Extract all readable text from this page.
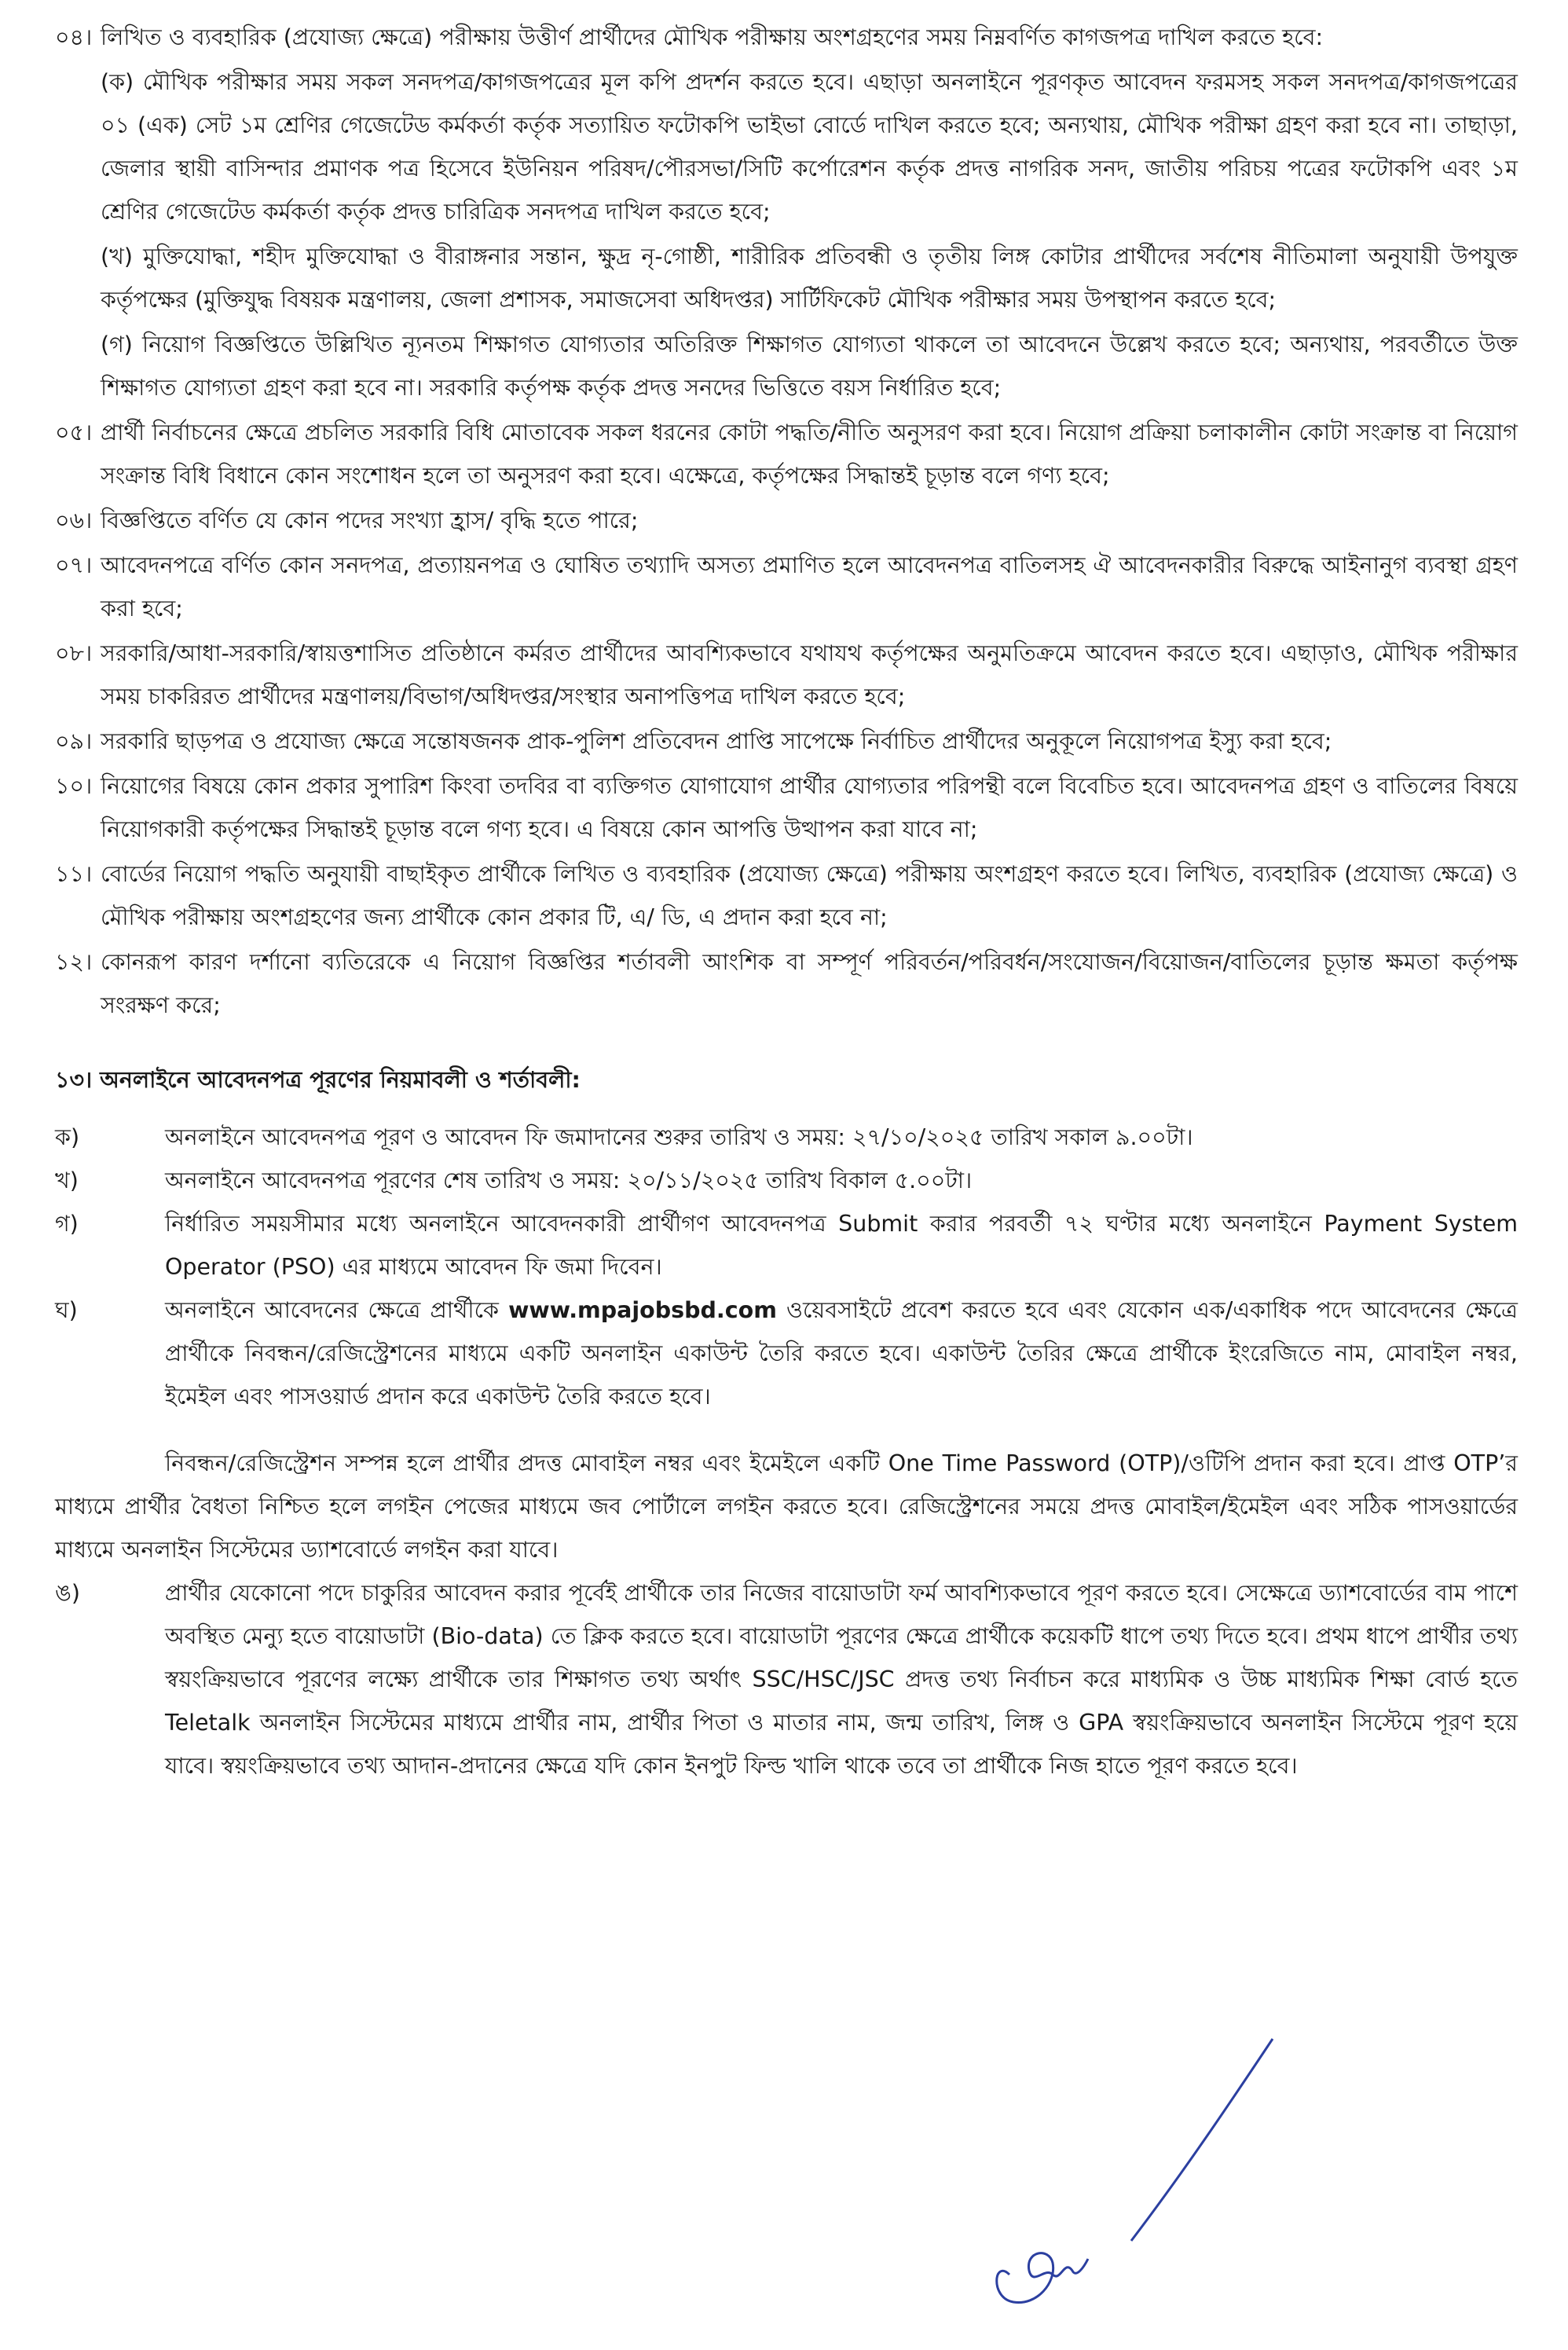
০৪। লিখিত ও ব্যবহারিক (প্রযোজ্য ক্ষেত্রে) পরীক্ষায় উত্তীর্ণ প্রার্থীদের মৌখিক পরীক্ষায় অংশগ্রহণের সময় নিম্নবর্ণিত কাগজপত্র দাখিল করতে হবে:
(ক) মৌখিক পরীক্ষার সময় সকল সনদপত্র/কাগজপত্রের মূল কপি প্রদর্শন করতে হবে। এছাড়া অনলাইনে পূরণকৃত আবেদন ফরমসহ সকল সনদপত্র/কাগজপত্রের ০১ (এক) সেট ১ম শ্রেণির গেজেটেড কর্মকর্তা কর্তৃক সত্যায়িত ফটোকপি ভাইভা বোর্ডে দাখিল করতে হবে; অন্যথায়, মৌখিক পরীক্ষা গ্রহণ করা হবে না। তাছাড়া, জেলার স্থায়ী বাসিন্দার প্রমাণক পত্র হিসেবে ইউনিয়ন পরিষদ/পৌরসভা/সিটি কর্পোরেশন কর্তৃক প্রদত্ত নাগরিক সনদ, জাতীয় পরিচয় পত্রের ফটোকপি এবং ১ম শ্রেণির গেজেটেড কর্মকর্তা কর্তৃক প্রদত্ত চারিত্রিক সনদপত্র দাখিল করতে হবে;
(খ) মুক্তিযোদ্ধা, শহীদ মুক্তিযোদ্ধা ও বীরাঙ্গনার সন্তান, ক্ষুদ্র নৃ-গোষ্ঠী, শারীরিক প্রতিবন্ধী ও তৃতীয় লিঙ্গ কোটার প্রার্থীদের সর্বশেষ নীতিমালা অনুযায়ী উপযুক্ত কর্তৃপক্ষের (মুক্তিযুদ্ধ বিষয়ক মন্ত্রণালয়, জেলা প্রশাসক, সমাজসেবা অধিদপ্তর) সার্টিফিকেট মৌখিক পরীক্ষার সময় উপস্থাপন করতে হবে;
(গ) নিয়োগ বিজ্ঞপ্তিতে উল্লিখিত ন্যূনতম শিক্ষাগত যোগ্যতার অতিরিক্ত শিক্ষাগত যোগ্যতা থাকলে তা আবেদনে উল্লেখ করতে হবে; অন্যথায়, পরবর্তীতে উক্ত শিক্ষাগত যোগ্যতা গ্রহণ করা হবে না। সরকারি কর্তৃপক্ষ কর্তৃক প্রদত্ত সনদের ভিত্তিতে বয়স নির্ধারিত হবে;
০৫। প্রার্থী নির্বাচনের ক্ষেত্রে প্রচলিত সরকারি বিধি মোতাবেক সকল ধরনের কোটা পদ্ধতি/নীতি অনুসরণ করা হবে। নিয়োগ প্রক্রিয়া চলাকালীন কোটা সংক্রান্ত বা নিয়োগ সংক্রান্ত বিধি বিধানে কোন সংশোধন হলে তা অনুসরণ করা হবে। এক্ষেত্রে, কর্তৃপক্ষের সিদ্ধান্তই চূড়ান্ত বলে গণ্য হবে;
০৬। বিজ্ঞপ্তিতে বর্ণিত যে কোন পদের সংখ্যা হ্রাস/ বৃদ্ধি হতে পারে;
০৭। আবেদনপত্রে বর্ণিত কোন সনদপত্র, প্রত্যায়নপত্র ও ঘোষিত তথ্যাদি অসত্য প্রমাণিত হলে আবেদনপত্র বাতিলসহ ঐ আবেদনকারীর বিরুদ্ধে আইনানুগ ব্যবস্থা গ্রহণ করা হবে;
০৮। সরকারি/আধা-সরকারি/স্বায়ত্তশাসিত প্রতিষ্ঠানে কর্মরত প্রার্থীদের আবশ্যিকভাবে যথাযথ কর্তৃপক্ষের অনুমতিক্রমে আবেদন করতে হবে। এছাড়াও, মৌখিক পরীক্ষার সময় চাকরিরত প্রার্থীদের মন্ত্রণালয়/বিভাগ/অধিদপ্তর/সংস্থার অনাপত্তিপত্র দাখিল করতে হবে;
০৯। সরকারি ছাড়পত্র ও প্রযোজ্য ক্ষেত্রে সন্তোষজনক প্রাক-পুলিশ প্রতিবেদন প্রাপ্তি সাপেক্ষে নির্বাচিত প্রার্থীদের অনুকূলে নিয়োগপত্র ইস্যু করা হবে;
১০। নিয়োগের বিষয়ে কোন প্রকার সুপারিশ কিংবা তদবির বা ব্যক্তিগত যোগাযোগ প্রার্থীর যোগ্যতার পরিপন্থী বলে বিবেচিত হবে। আবেদনপত্র গ্রহণ ও বাতিলের বিষয়ে নিয়োগকারী কর্তৃপক্ষের সিদ্ধান্তই চূড়ান্ত বলে গণ্য হবে। এ বিষয়ে কোন আপত্তি উত্থাপন করা যাবে না;
১১। বোর্ডের নিয়োগ পদ্ধতি অনুযায়ী বাছাইকৃত প্রার্থীকে লিখিত ও ব্যবহারিক (প্রযোজ্য ক্ষেত্রে) পরীক্ষায় অংশগ্রহণ করতে হবে। লিখিত, ব্যবহারিক (প্রযোজ্য ক্ষেত্রে) ও মৌখিক পরীক্ষায় অংশগ্রহণের জন্য প্রার্থীকে কোন প্রকার টি, এ/ ডি, এ প্রদান করা হবে না;
১২। কোনরূপ কারণ দর্শানো ব্যতিরেকে এ নিয়োগ বিজ্ঞপ্তির শর্তাবলী আংশিক বা সম্পূর্ণ পরিবর্তন/পরিবর্ধন/সংযোজন/বিয়োজন/বাতিলের চূড়ান্ত ক্ষমতা কর্তৃপক্ষ সংরক্ষণ করে;
১৩। অনলাইনে আবেদনপত্র পূরণের নিয়মাবলী ও শর্তাবলী:
ক)	অনলাইনে আবেদনপত্র পূরণ ও আবেদন ফি জমাদানের শুরুর তারিখ ও সময়: ২৭/১০/২০২৫ তারিখ সকাল ৯.০০টা।
খ)	অনলাইনে আবেদনপত্র পূরণের শেষ তারিখ ও সময়: ২০/১১/২০২৫ তারিখ বিকাল ৫.০০টা।
গ)	নির্ধারিত সময়সীমার মধ্যে অনলাইনে আবেদনকারী প্রার্থীগণ আবেদনপত্র Submit করার পরবর্তী ৭২ ঘণ্টার মধ্যে অনলাইনে Payment System Operator (PSO) এর মাধ্যমে আবেদন ফি জমা দিবেন।
ঘ)	অনলাইনে আবেদনের ক্ষেত্রে প্রার্থীকে www.mpajobsbd.com ওয়েবসাইটে প্রবেশ করতে হবে এবং যেকোন এক/একাধিক পদে আবেদনের ক্ষেত্রে প্রার্থীকে নিবন্ধন/রেজিস্ট্রেশনের মাধ্যমে একটি অনলাইন একাউন্ট তৈরি করতে হবে। একাউন্ট তৈরির ক্ষেত্রে প্রার্থীকে ইংরেজিতে নাম, মোবাইল নম্বর, ইমেইল এবং পাসওয়ার্ড প্রদান করে একাউন্ট তৈরি করতে হবে।
নিবন্ধন/রেজিস্ট্রেশন সম্পন্ন হলে প্রার্থীর প্রদত্ত মোবাইল নম্বর এবং ইমেইলে একটি One Time Password (OTP)/ওটিপি প্রদান করা হবে। প্রাপ্ত OTP’র মাধ্যমে প্রার্থীর বৈধতা নিশ্চিত হলে লগইন পেজের মাধ্যমে জব পোর্টালে লগইন করতে হবে। রেজিস্ট্রেশনের সময়ে প্রদত্ত মোবাইল/ইমেইল এবং সঠিক পাসওয়ার্ডের মাধ্যমে অনলাইন সিস্টেমের ড্যাশবোর্ডে লগইন করা যাবে।
ঙ)	প্রার্থীর যেকোনো পদে চাকুরির আবেদন করার পূর্বেই প্রার্থীকে তার নিজের বায়োডাটা ফর্ম আবশ্যিকভাবে পূরণ করতে হবে। সেক্ষেত্রে ড্যাশবোর্ডের বাম পাশে অবস্থিত মেন্যু হতে বায়োডাটা (Bio-data) তে ক্লিক করতে হবে। বায়োডাটা পূরণের ক্ষেত্রে প্রার্থীকে কয়েকটি ধাপে তথ্য দিতে হবে। প্রথম ধাপে প্রার্থীর তথ্য স্বয়ংক্রিয়ভাবে পূরণের লক্ষ্যে প্রার্থীকে তার শিক্ষাগত তথ্য অর্থাৎ SSC/HSC/JSC প্রদত্ত তথ্য নির্বাচন করে মাধ্যমিক ও উচ্চ মাধ্যমিক শিক্ষা বোর্ড হতে Teletalk অনলাইন সিস্টেমের মাধ্যমে প্রার্থীর নাম, প্রার্থীর পিতা ও মাতার নাম, জন্ম তারিখ, লিঙ্গ ও GPA স্বয়ংক্রিয়ভাবে অনলাইন সিস্টেমে পূরণ হয়ে যাবে। স্বয়ংক্রিয়ভাবে তথ্য আদান-প্রদানের ক্ষেত্রে যদি কোন ইনপুট ফিল্ড খালি থাকে তবে তা প্রার্থীকে নিজ হাতে পূরণ করতে হবে।
